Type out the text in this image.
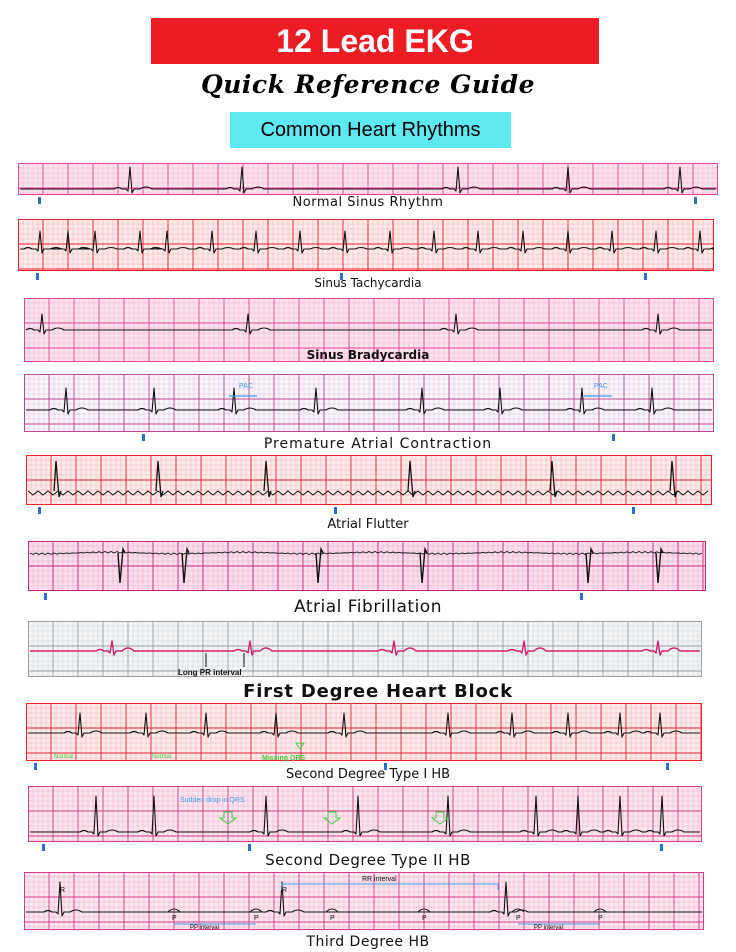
12 Lead EKG
Quick Reference Guide
Common Heart Rhythms
Normal Sinus Rhythm
Sinus Tachycardia
Sinus Bradycardia
PAC	PAC
Premature Atrial Contraction
Atrial Flutter
Atrial Fibrillation
Long PR interval
First Degree Heart Block
Normal	Normal	Missing QRS
Second Degree Type I HB
Sudden drop in QRS
Second Degree Type II HB
RR interval
R	R
P	P	P	P	P	P
PP interval	PP interval
Third Degree HB
